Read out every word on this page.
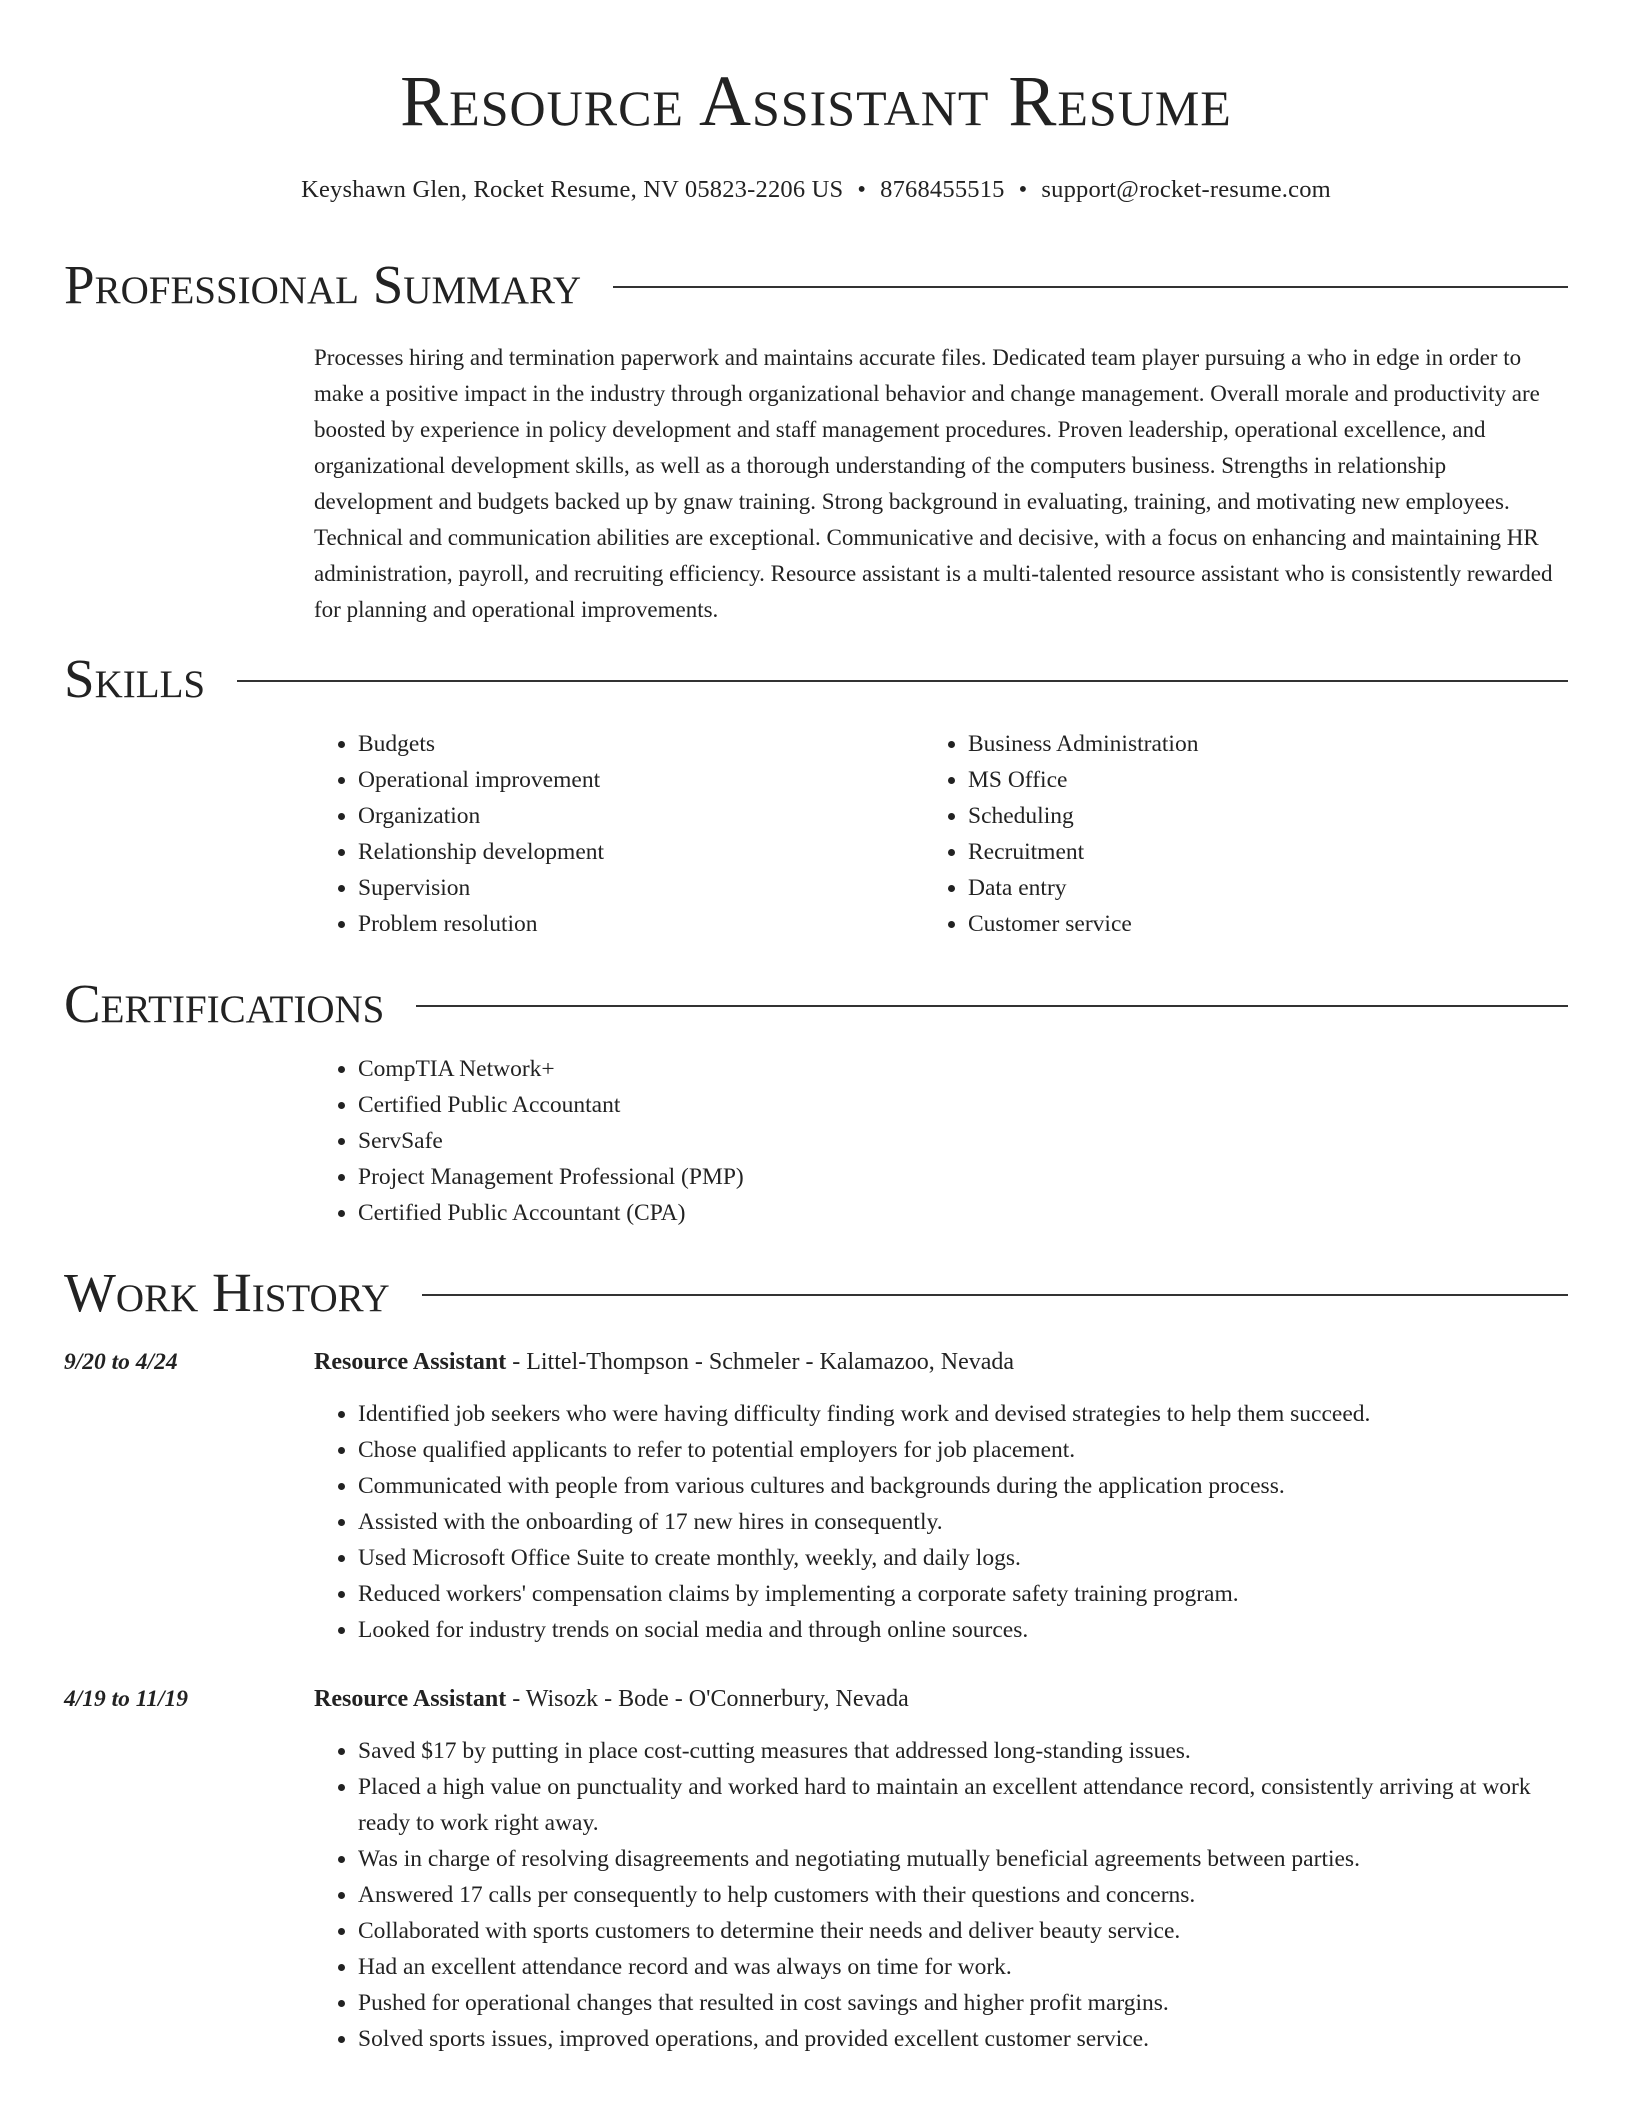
Resource Assistant Resume
Keyshawn Glen, Rocket Resume, NV 05823-2206 US • 8768455515 • support@rocket-resume.com
Professional Summary
Processes hiring and termination paperwork and maintains accurate files. Dedicated team player pursuing a who in edge in order to make a positive impact in the industry through organizational behavior and change management. Overall morale and productivity are boosted by experience in policy development and staff management procedures. Proven leadership, operational excellence, and organizational development skills, as well as a thorough understanding of the computers business. Strengths in relationship development and budgets backed up by gnaw training. Strong background in evaluating, training, and motivating new employees. Technical and communication abilities are exceptional. Communicative and decisive, with a focus on enhancing and maintaining HR administration, payroll, and recruiting efficiency. Resource assistant is a multi-talented resource assistant who is consistently rewarded for planning and operational improvements.
Skills
• Budgets
• Operational improvement
• Organization
• Relationship development
• Supervision
• Problem resolution
• Business Administration
• MS Office
• Scheduling
• Recruitment
• Data entry
• Customer service
Certifications
• CompTIA Network+
• Certified Public Accountant
• ServSafe
• Project Management Professional (PMP)
• Certified Public Accountant (CPA)
Work History
9/20 to 4/24	Resource Assistant - Littel-Thompson - Schmeler - Kalamazoo, Nevada
• Identified job seekers who were having difficulty finding work and devised strategies to help them succeed.
• Chose qualified applicants to refer to potential employers for job placement.
• Communicated with people from various cultures and backgrounds during the application process.
• Assisted with the onboarding of 17 new hires in consequently.
• Used Microsoft Office Suite to create monthly, weekly, and daily logs.
• Reduced workers' compensation claims by implementing a corporate safety training program.
• Looked for industry trends on social media and through online sources.
4/19 to 11/19	Resource Assistant - Wisozk - Bode - O'Connerbury, Nevada
• Saved $17 by putting in place cost-cutting measures that addressed long-standing issues.
• Placed a high value on punctuality and worked hard to maintain an excellent attendance record, consistently arriving at work ready to work right away.
• Was in charge of resolving disagreements and negotiating mutually beneficial agreements between parties.
• Answered 17 calls per consequently to help customers with their questions and concerns.
• Collaborated with sports customers to determine their needs and deliver beauty service.
• Had an excellent attendance record and was always on time for work.
• Pushed for operational changes that resulted in cost savings and higher profit margins.
• Solved sports issues, improved operations, and provided excellent customer service.
